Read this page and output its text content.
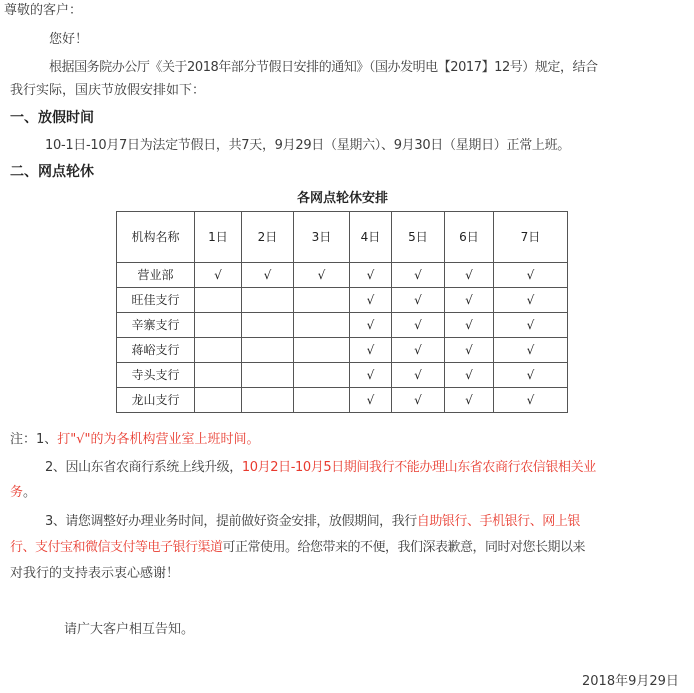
尊敬的客户：
您好！
根据国务院办公厅《关于2018年部分节假日安排的通知》（国办发明电【2017】12号）规定，结合
我行实际，国庆节放假安排如下：
一、放假时间
10-1日-10月7日为法定节假日，共7天，9月29日（星期六）、9月30日（星期日）正常上班。
二、网点轮休
各网点轮休安排
机构名称	1日	2日	3日	4日	5日	6日	7日
营业部	√	√	√	√	√	√	√
旺佳支行				√	√	√	√
辛寨支行				√	√	√	√
蒋峪支行				√	√	√	√
寺头支行				√	√	√	√
龙山支行				√	√	√	√
注：1、打"√"的为各机构营业室上班时间。
2、因山东省农商行系统上线升级，10月2日-10月5日期间我行不能办理山东省农商行农信银相关业
务。
3、请您调整好办理业务时间，提前做好资金安排，放假期间，我行自助银行、手机银行、网上银
行、支付宝和微信支付等电子银行渠道可正常使用。给您带来的不便，我们深表歉意，同时对您长期以来
对我行的支持表示衷心感谢！
请广大客户相互告知。
2018年9月29日
